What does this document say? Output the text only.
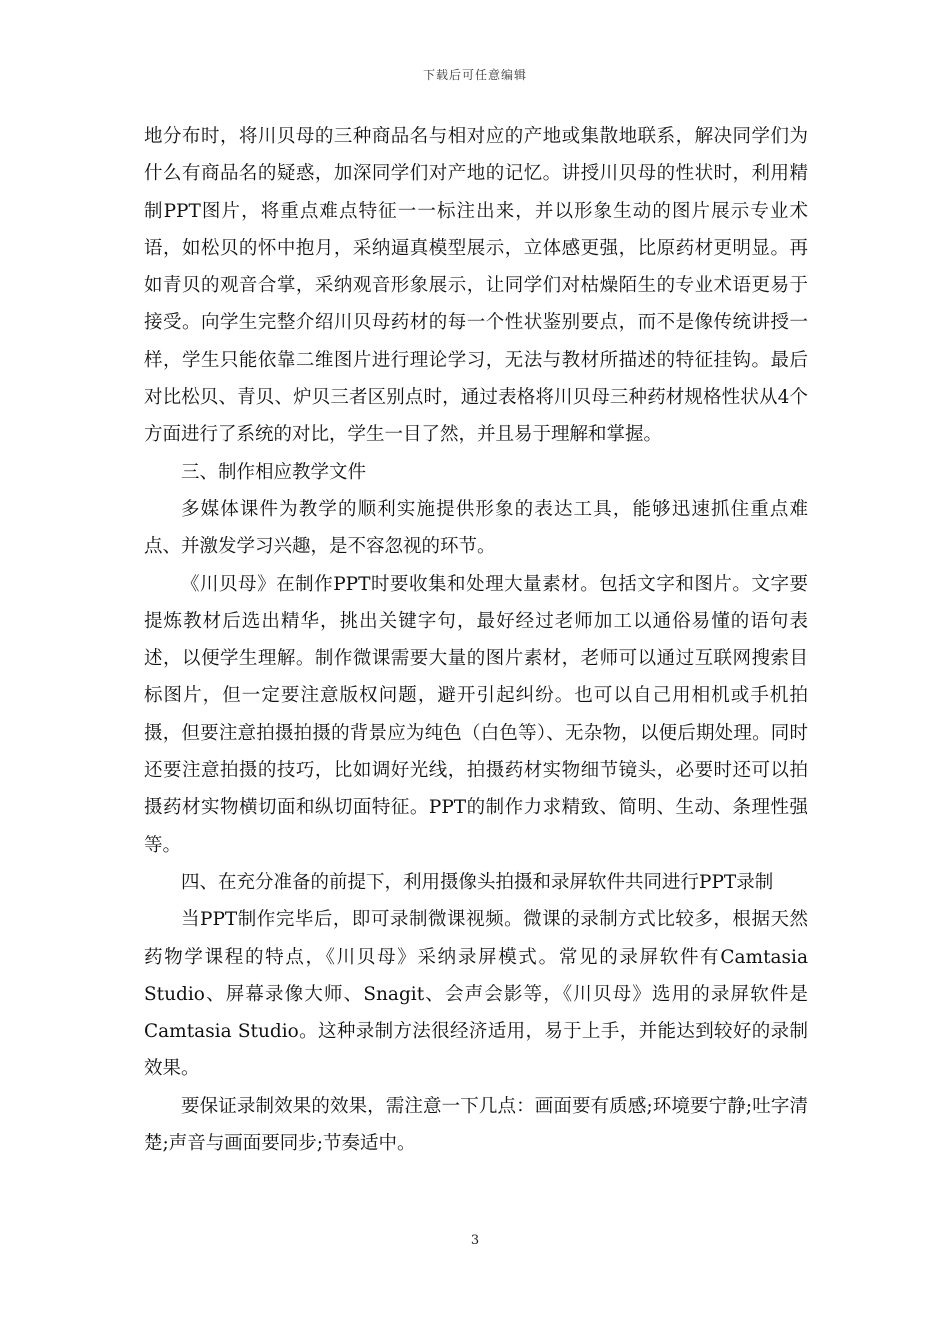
下载后可任意编辑

地分布时，将川贝母的三种商品名与相对应的产地或集散地联系，解决同学们为什么有商品名的疑惑，加深同学们对产地的记忆。讲授川贝母的性状时，利用精制PPT图片，将重点难点特征一一标注出来，并以形象生动的图片展示专业术语，如松贝的怀中抱月，采纳逼真模型展示，立体感更强，比原药材更明显。再如青贝的观音合掌，采纳观音形象展示，让同学们对枯燥陌生的专业术语更易于接受。向学生完整介绍川贝母药材的每一个性状鉴别要点，而不是像传统讲授一样，学生只能依靠二维图片进行理论学习，无法与教材所描述的特征挂钩。最后对比松贝、青贝、炉贝三者区别点时，通过表格将川贝母三种药材规格性状从4个方面进行了系统的对比，学生一目了然，并且易于理解和掌握。

三、制作相应教学文件

多媒体课件为教学的顺利实施提供形象的表达工具，能够迅速抓住重点难点、并激发学习兴趣，是不容忽视的环节。

《川贝母》在制作PPT时要收集和处理大量素材。包括文字和图片。文字要提炼教材后选出精华，挑出关键字句，最好经过老师加工以通俗易懂的语句表述，以便学生理解。制作微课需要大量的图片素材，老师可以通过互联网搜索目标图片，但一定要注意版权问题，避开引起纠纷。也可以自己用相机或手机拍摄，但要注意拍摄拍摄的背景应为纯色（白色等）、无杂物，以便后期处理。同时还要注意拍摄的技巧，比如调好光线，拍摄药材实物细节镜头，必要时还可以拍摄药材实物横切面和纵切面特征。PPT的制作力求精致、简明、生动、条理性强等。

四、在充分准备的前提下，利用摄像头拍摄和录屏软件共同进行PPT录制

当PPT制作完毕后，即可录制微课视频。微课的录制方式比较多，根据天然药物学课程的特点，《川贝母》采纳录屏模式。常见的录屏软件有Camtasia Studio、屏幕录像大师、Snagit、会声会影等，《川贝母》选用的录屏软件是Camtasia Studio。这种录制方法很经济适用，易于上手，并能达到较好的录制效果。

要保证录制效果的效果，需注意一下几点：画面要有质感;环境要宁静;吐字清楚;声音与画面要同步;节奏适中。

3
